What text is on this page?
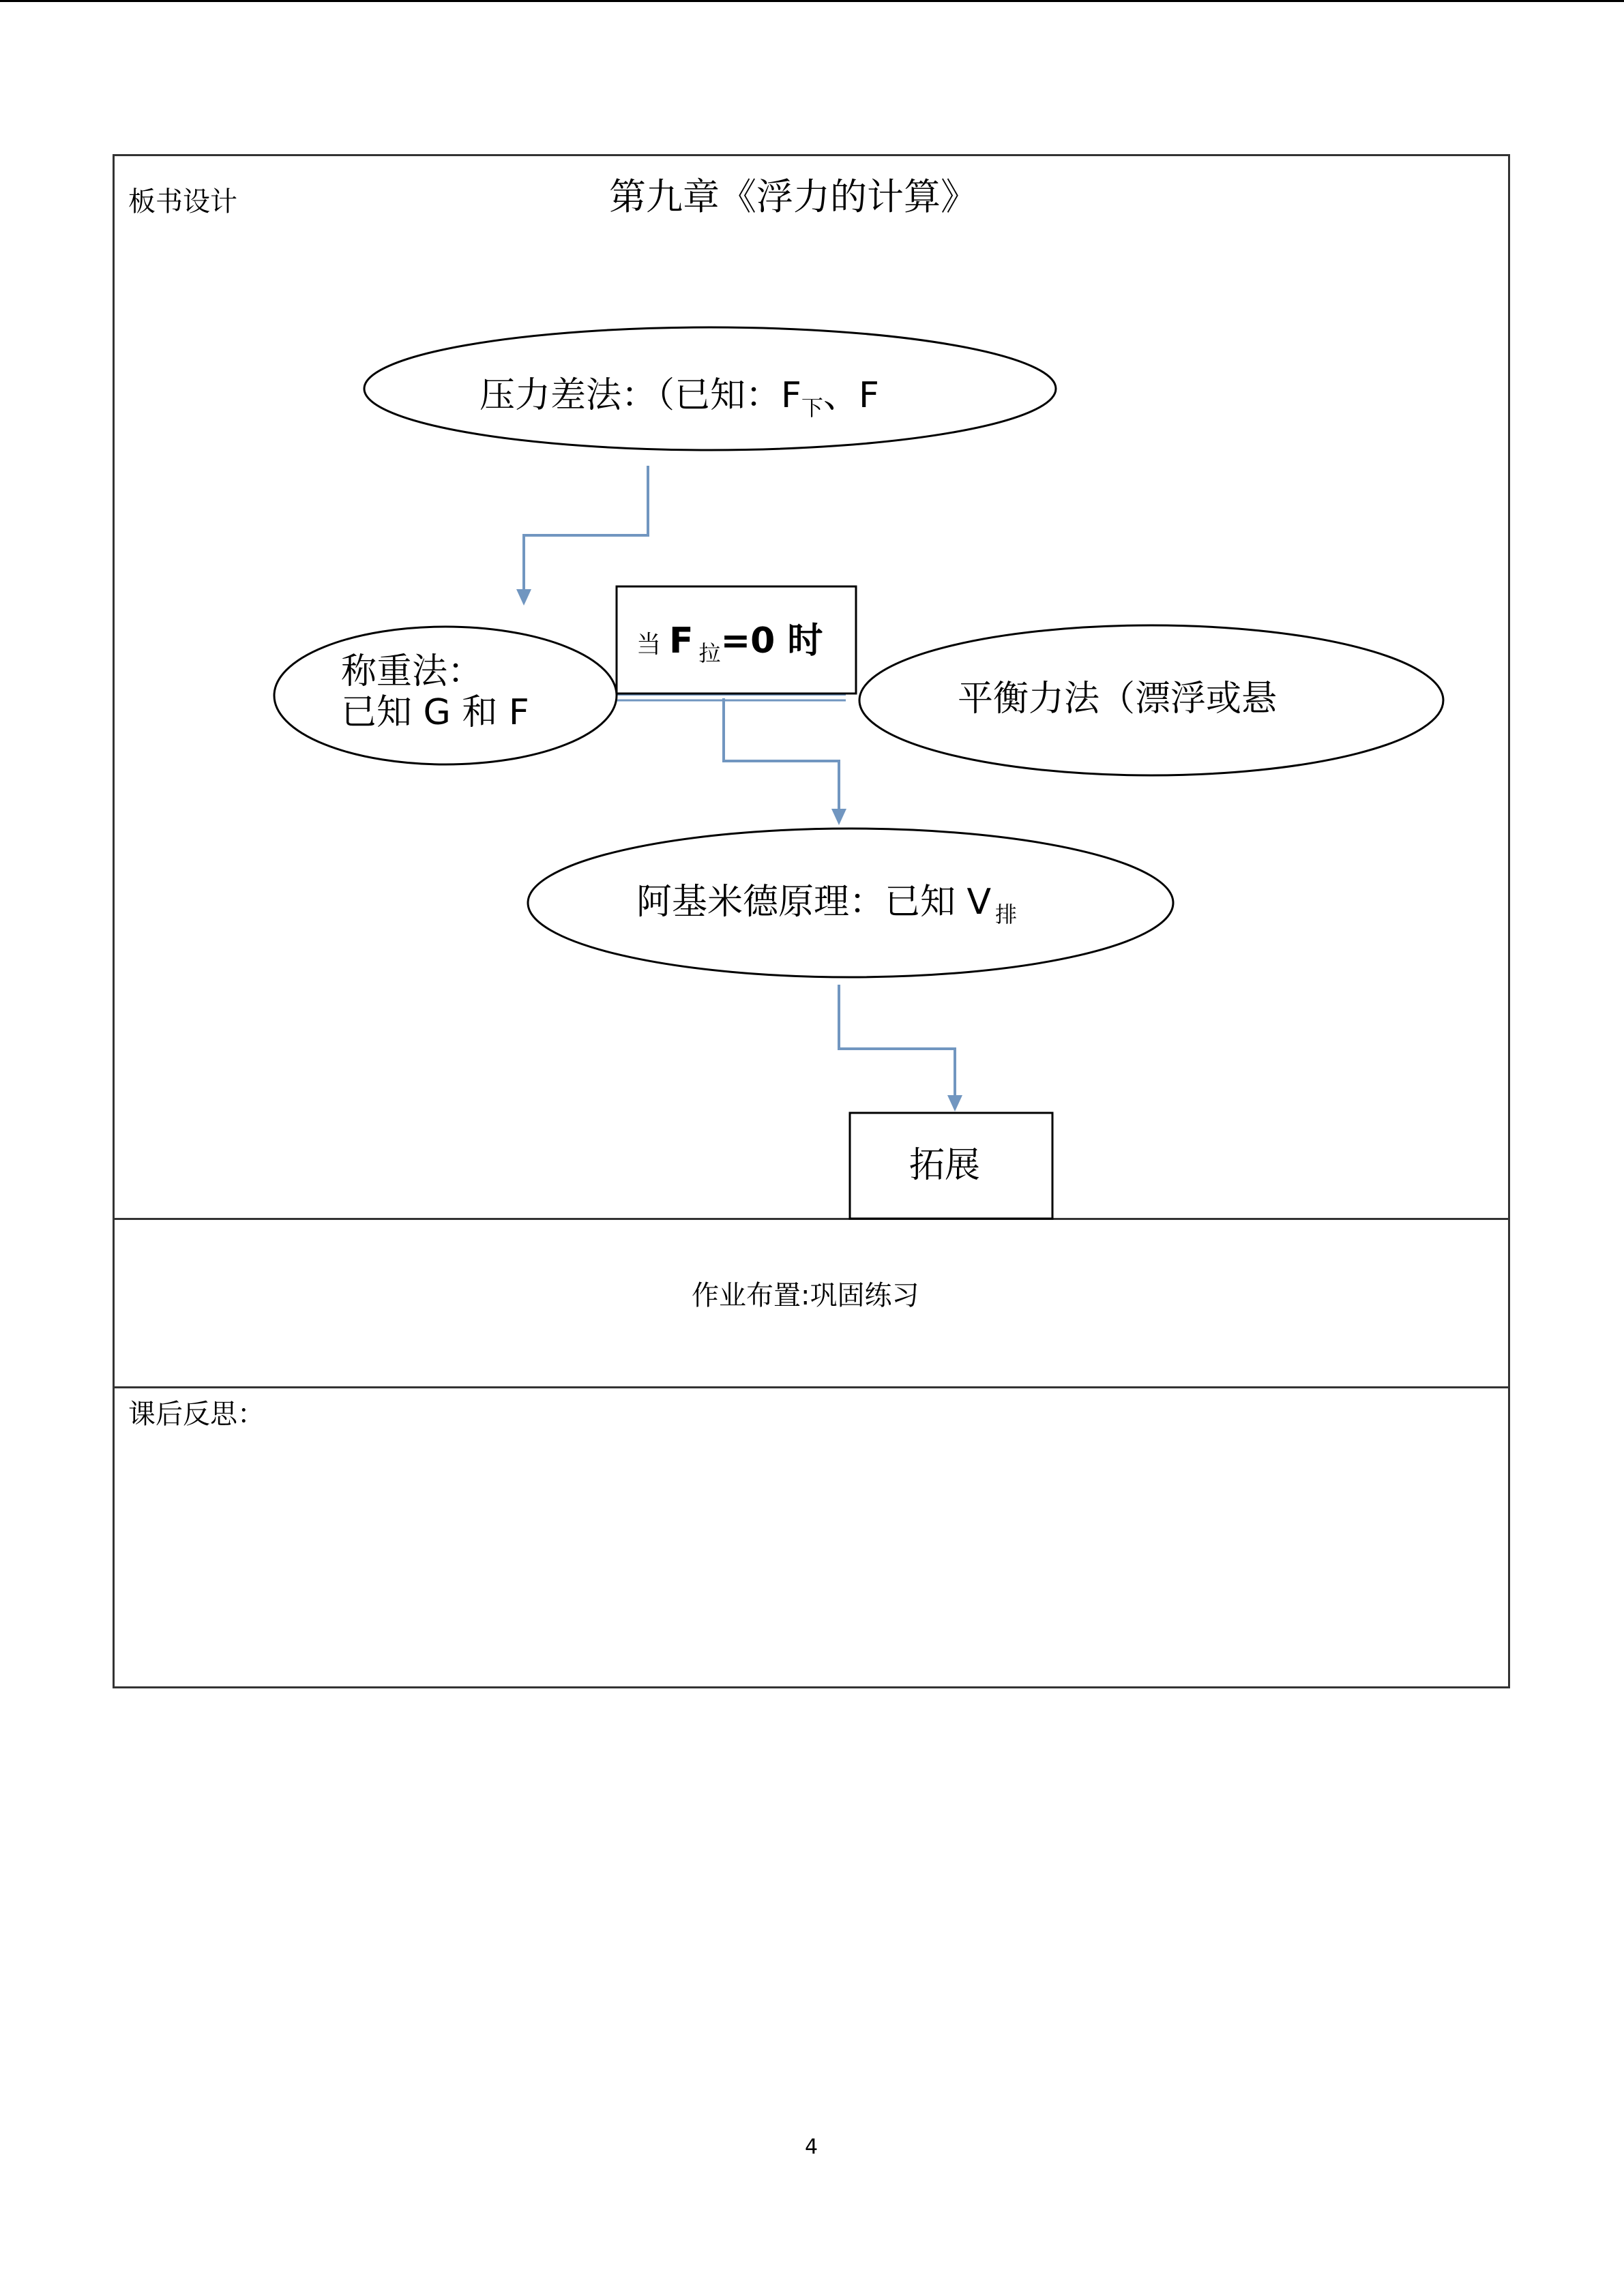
板书设计	第九章《浮力的计算》
压力差法：（已知：$F_下$、F
称重法：
已知 G 和 F
当 F $_拉$=0 时
平衡力法（漂浮或悬
阿基米德原理：已知 V $_排$
拓展
作业布置:巩固练习
课后反思：
4
